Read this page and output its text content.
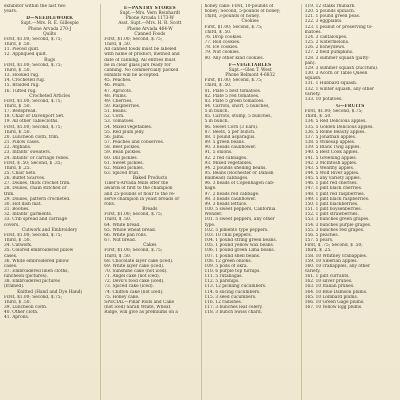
exhibitor within the last two
years.
D—NEEDLEWORK
Supt.—Mrs. R. E. Gillespie
Phone Arvada 270-J
Quilts
First, $1.00; Second, $.75;
Third, $ .50.
11. Pieced quilt.
12. Appliqued quilt.
Rugs
First, $1.00; Second, $.75;
Third, $ .50.
13. Hooked rug.
14. Crocheted rug.
15. Braided rug.
16. Tufted rug.
Crocheted Articles
First, $1.00; Second, $.75;
Third, $ .50.
17. Bedspread.
18. Chair or Davenport Set.
19. All other Tablecloths.
First, $1.00; Second, $.75;
Third, $ .50.
20. Luncheon cloth, trim.
21. Pillow cases.
22. Afghans.
23. Infants' sweaters.
24. Infants' or carriage robes.
First, $ .50; Second, $ .35;
Third, $ .25.
25. Chair Sets.
26. Buffet Scarves.
27. Doilies, thick crochet trim.
28. Doilies, chain stitched or
trim.
29. Doilies, pattern crocheted.
30. Hot dish mat.
31. Booties.
32. Infants' garments.
33. Crib spread and carriage
covers.
Cutwork and Embroidery
First, $1.00; Second, $.75;
Third, $ .50.
34. Cutwork.
35. Colored embroidered pillow
cases.
36. White embroidered pillow
cases.
37. Embroidered linen cloths,
luncheon (pictures).
38. Embroidered pictures
(framed).
Knitted (Hand and Dye Hand)
First, $1.00; Second, $.75;
Third, $ .50.
39. Luncheon cloth.
40. Other cloth.
41. Aprons.
E—PANTRY STORES
Supt.—Mrs. Vern Reinhardt
Phone Arvada 1173-W
Asst. Supt.—Mrs. H. R. Scott
Phone Arvada 464-W
Canned Foods
First, $1.00; Second, $.75;
Third, $ .50.
All canned foods must be labeled
with name of product, method and
date of canning. All entries must
be in clear glass jars ready for
canning. No commercially packed
exhibits will be accepted.
45. Peaches.
46. Pears.
47. Apricots.
48. Plums.
49. Cherries.
50. Raspberries.
51. Beans.
52. Corn.
53. Tomatoes.
54. Mixed vegetables.
55. Red plum jelly.
56. Jams.
57. Peaches and conserves.
58. Beet pickles.
59. Bean pickles.
60. Dill pickles.
61. Sweet pickles.
62. Mixed pickles.
63. Spiced fruit.
Baked Products
Tiller's-Arvada Mills offer the
awards of first to the champion
and 25-pounds of flour to the re-
serve champion in yeast breads or
rolls.
Breads
First, $1.00; Second, $.75;
Third, $ .50.
64. White bread.
65. Whole wheat bread.
66. White pan rolls.
67. Nut bread.
Cakes
First, $1.00; Second, $.75;
Third, $ .50.
68. Chocolate layer cake (iced).
69. White layer cake (iced).
70. Sunshine cake (not iced).
71. Angel cake (not iced).
72. Devil's food cake (iced).
73. Spiced cake (iced).
74. Chiffon cake (not iced).
75. Honey cake.
SPECIAL—Pillar Rolls and Cake
(not iced) Sarah White, Wheat
Ridge, will give as premiums on a
honey cake: First, 10-pounds of
honey; Second, 5-pounds of honey;
Third, 3-pounds of honey.
Cookies
First, $1.00; Second, $.75;
Third, $ .50.
76. Drop cookies.
77. Roll cookies.
78. Ice cookies.
79. Nut cookies.
80. Any other kind cookies.
F—VEGETABLES
Supt.—Glen T. West
Phone Belmont 4-6832
First, $1.00; Second, $.75;
Third, $ .50.
81. Plate 5 best tomatoes.
82. Plate 5 red tomatoes.
83. Plate 5 green tomatoes.
84. Carrots, short, 5 bunches,
5 in bunch.
85. Carrots, stump, 5 bunches,
5 in bunch.
86. Sweet Corn (3 Ears).
87. Beets, 5 per bunch.
88. 1 pound asparagus.
89. 5 green beans.
90. 3 heads cauliflower.
91. 5 onions.
92. 2 red cabbages.
93. Mixed vegetables.
94. 2 pounds shelling beans.
95. Beans (Rochester or Danish
Ballhead) cabbages.
96. 3 heads of Copenhagen cab-
bage.
97. 2 heads red cabbage.
98. 3 heads cauliflower.
99. 3 heads lettuce.
100. 5 sweet peppers, California
Wonder.
101. 5 sweet peppers, any other
type.
102. 5 pimento type peppers.
103. 10 chili peppers.
104. 1 pound string green beans.
105. 1 pound yellow wax beans.
106. 1 pound green Lima beans.
107. 1 pound shell beans.
108. 12 green onions.
109. 5 pods of okra.
110. 6 purple top turnips.
111. 5 rutabagas.
112. 5 parsnips.
113. 12 pickling cucumbers.
114. 6 slicing cucumbers.
115. 3 seed cucumbers.
116. 12 radishes.
117. 3 bunches leaf celery.
118. 3 bunch Swiss chard.
119. 12 stalks rhubarb.
120. 5 pounds spinach.
121. 1 pound green peas.
122. 3 eggplants.
123. 1 peanut or preserving to-
matoes.
124. 3 cantaloupes.
125. 2 watermelons.
126. 2 honeydews.
127. 2 field pumpkins.
128. 3 summer squash (patty-
pan).
129. 3 summer squash (zucchini).
130. 3 Acorn or Table Queen
squash.
131. 1 Hubbard squash.
132. 1 winter squash, any other
variety.
133. 10 potatoes.
G—FRUITS
First, $1.00; Second, $.75;
Third, $ .50.
134. 5 Red Delicious apples.
135. 5 Golden Delicious apples.
136. 5 Rome Beauty apples.
137. 5 Jonathan apples.
138. 5 Winesap apples.
139. 5 Black Twig apples.
140. 5 Best Cook apples.
141. 5 Greening apples.
142. 3 McIntosh apples.
143. 5 Wealthy apples.
144. 5 Wolf River apples.
145. 5 any variety apples.
146. 1 pint red cherries.
147. 1 pint black cherries.
148. 1 pint red raspberries.
149. 1 pint black raspberries.
150. 1 pint blackberries.
151. 1 pint boysenberries.
152. 1 pint strawberries.
153. 3 bunches green grapes.
154. 3 bunches purple grapes.
155. 3 bunches red grapes.
156. 5 peaches.
157. 5 pears.
First, $ .75; Second, $ .50;
Third, $ .25.
158. 10 Whitney crabapples.
159. 10 Siberian apples.
160. 10 crabapples, any other
variety.
161. 1 pint currants.
162. 10 silver prunes.
163. 10 Italian prunes.
164. 10 Blue Damson plums.
165. 10 Lombard plums.
166. 10 Green Gage plums.
167. 10 Yellow Egg plums.
